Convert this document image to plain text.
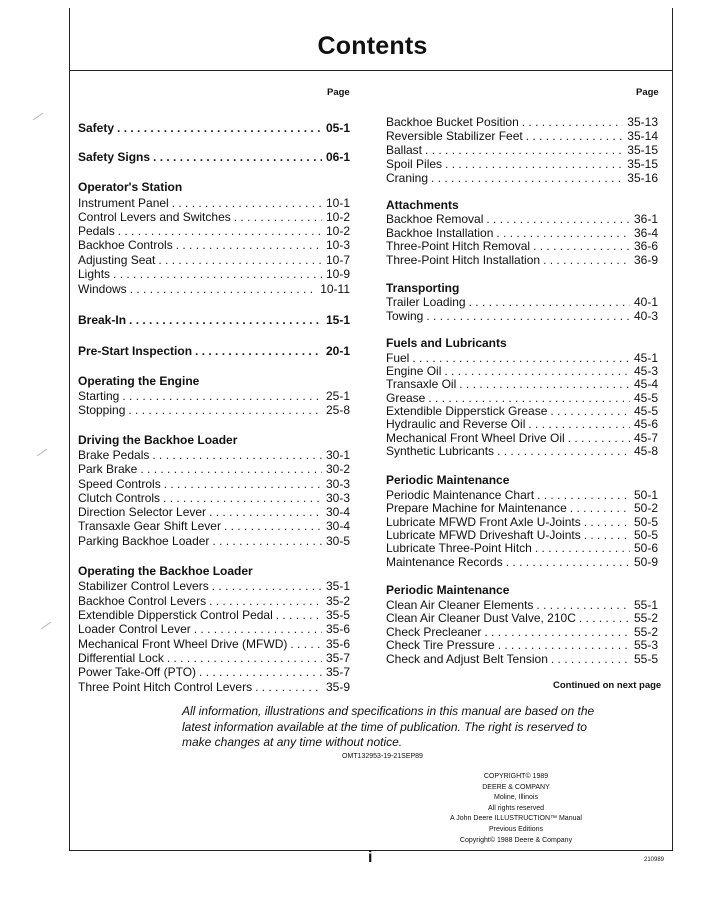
Contents
Page	Page
Safety . . .	05-1
Safety Signs . . .	06-1
Operator's Station
Instrument Panel . . .	10-1
Control Levers and Switches . . .	10-2
Pedals . . .	10-2
Backhoe Controls . . .	10-3
Adjusting Seat . . .	10-7
Lights . . .	10-9
Windows . . .	10-11
Break-In . . .	15-1
Pre-Start Inspection . . .	20-1
Operating the Engine
Starting . . .	25-1
Stopping . . .	25-8
Driving the Backhoe Loader
Brake Pedals . . .	30-1
Park Brake . . .	30-2
Speed Controls . . .	30-3
Clutch Controls . . .	30-3
Direction Selector Lever . . .	30-4
Transaxle Gear Shift Lever . . .	30-4
Parking Backhoe Loader . . .	30-5
Operating the Backhoe Loader
Stabilizer Control Levers . . .	35-1
Backhoe Control Levers . . .	35-2
Extendible Dipperstick Control Pedal . . .	35-5
Loader Control Lever . . .	35-6
Mechanical Front Wheel Drive (MFWD) . . .	35-6
Differential Lock . . .	35-7
Power Take-Off (PTO) . . .	35-7
Three Point Hitch Control Levers . . .	35-9
Backhoe Bucket Position . . .	35-13
Reversible Stabilizer Feet . . .	35-14
Ballast . . .	35-15
Spoil Piles . . .	35-15
Craning . . .	35-16
Attachments
Backhoe Removal . . .	36-1
Backhoe Installation . . .	36-4
Three-Point Hitch Removal . . .	36-6
Three-Point Hitch Installation . . .	36-9
Transporting
Trailer Loading . . .	40-1
Towing . . .	40-3
Fuels and Lubricants
Fuel . . .	45-1
Engine Oil . . .	45-3
Transaxle Oil . . .	45-4
Grease . . .	45-5
Extendible Dipperstick Grease . . .	45-5
Hydraulic and Reverse Oil . . .	45-6
Mechanical Front Wheel Drive Oil . . .	45-7
Synthetic Lubricants . . .	45-8
Periodic Maintenance
Periodic Maintenance Chart . . .	50-1
Prepare Machine for Maintenance . . .	50-2
Lubricate MFWD Front Axle U-Joints . . .	50-5
Lubricate MFWD Driveshaft U-Joints . . .	50-5
Lubricate Three-Point Hitch . . .	50-6
Maintenance Records . . .	50-9
Periodic Maintenance
Clean Air Cleaner Elements . . .	55-1
Clean Air Cleaner Dust Valve, 210C . . .	55-2
Check Precleaner . . .	55-2
Check Tire Pressure . . .	55-3
Check and Adjust Belt Tension . . .	55-5
Continued on next page
All information, illustrations and specifications in this manual are based on the latest information available at the time of publication. The right is reserved to make changes at any time without notice.
OMT132953-19-21SEP89
COPYRIGHT© 1989
DEERE & COMPANY
Moline, Illinois
All rights reserved
A John Deere ILLUSTRUCTION™ Manual
Previous Editions
Copyright© 1988 Deere & Company
i	210989
